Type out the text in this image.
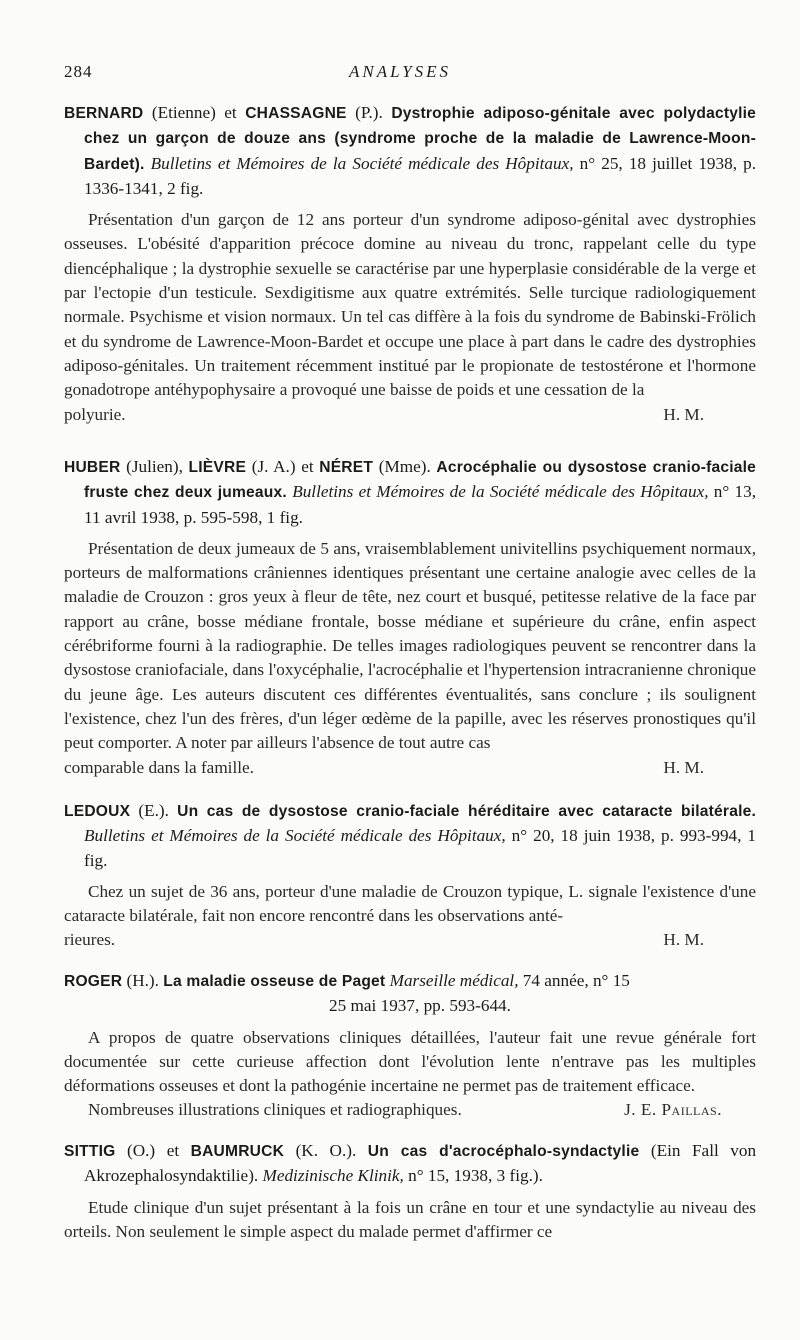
284	ANALYSES
BERNARD (Etienne) et CHASSAGNE (P.). Dystrophie adiposo-génitale avec polydactylie chez un garçon de douze ans (syndrome proche de la maladie de Lawrence-Moon-Bardet). Bulletins et Mémoires de la Société médicale des Hôpitaux, n° 25, 18 juillet 1938, p. 1336-1341, 2 fig.
Présentation d'un garçon de 12 ans porteur d'un syndrome adiposo-génital avec dystrophies osseuses. L'obésité d'apparition précoce domine au niveau du tronc, rappelant celle du type diencéphalique ; la dystrophie sexuelle se caractérise par une hyperplasie considérable de la verge et par l'ectopie d'un testicule. Sexdigitisme aux quatre extrémités. Selle turcique radiologiquement normale. Psychisme et vision normaux. Un tel cas diffère à la fois du syndrome de Babinski-Frölich et du syndrome de Lawrence-Moon-Bardet et occupe une place à part dans le cadre des dystrophies adiposo-génitales. Un traitement récemment institué par le propionate de testostérone et l'hormone gonadotrope antéhypophysaire a provoqué une baisse de poids et une cessation de la
polyurie.	H. M.
HUBER (Julien), LIÈVRE (J. A.) et NÉRET (Mme). Acrocéphalie ou dysostose cranio-faciale fruste chez deux jumeaux. Bulletins et Mémoires de la Société médicale des Hôpitaux, n° 13, 11 avril 1938, p. 595-598, 1 fig.
Présentation de deux jumeaux de 5 ans, vraisemblablement univitellins psychiquement normaux, porteurs de malformations crâniennes identiques présentant une certaine analogie avec celles de la maladie de Crouzon : gros yeux à fleur de tête, nez court et busqué, petitesse relative de la face par rapport au crâne, bosse médiane frontale, bosse médiane et supérieure du crâne, enfin aspect cérébriforme fourni à la radiographie. De telles images radiologiques peuvent se rencontrer dans la dysostose craniofaciale, dans l'oxycéphalie, l'acrocéphalie et l'hypertension intracranienne chronique du jeune âge. Les auteurs discutent ces différentes éventualités, sans conclure ; ils soulignent l'existence, chez l'un des frères, d'un léger œdème de la papille, avec les réserves pronostiques qu'il peut comporter. A noter par ailleurs l'absence de tout autre cas
comparable dans la famille.	H. M.
LEDOUX (E.). Un cas de dysostose cranio-faciale héréditaire avec cataracte bilatérale. Bulletins et Mémoires de la Société médicale des Hôpitaux, n° 20, 18 juin 1938, p. 993-994, 1 fig.
Chez un sujet de 36 ans, porteur d'une maladie de Crouzon typique, L. signale l'existence d'une cataracte bilatérale, fait non encore rencontré dans les observations anté-
rieures.	H. M.
ROGER (H.). La maladie osseuse de Paget Marseille médical, 74 année, n° 15
25 mai 1937, pp. 593-644.
A propos de quatre observations cliniques détaillées, l'auteur fait une revue générale fort documentée sur cette curieuse affection dont l'évolution lente n'entrave pas les multiples déformations osseuses et dont la pathogénie incertaine ne permet pas de traitement efficace.
Nombreuses illustrations cliniques et radiographiques.	J. E. Paillas.
SITTIG (O.) et BAUMRUCK (K. O.). Un cas d'acrocéphalo-syndactylie (Ein Fall von Akrozephalosyndaktilie). Medizinische Klinik, n° 15, 1938, 3 fig.).
Etude clinique d'un sujet présentant à la fois un crâne en tour et une syndactylie au niveau des orteils. Non seulement le simple aspect du malade permet d'affirmer ce
